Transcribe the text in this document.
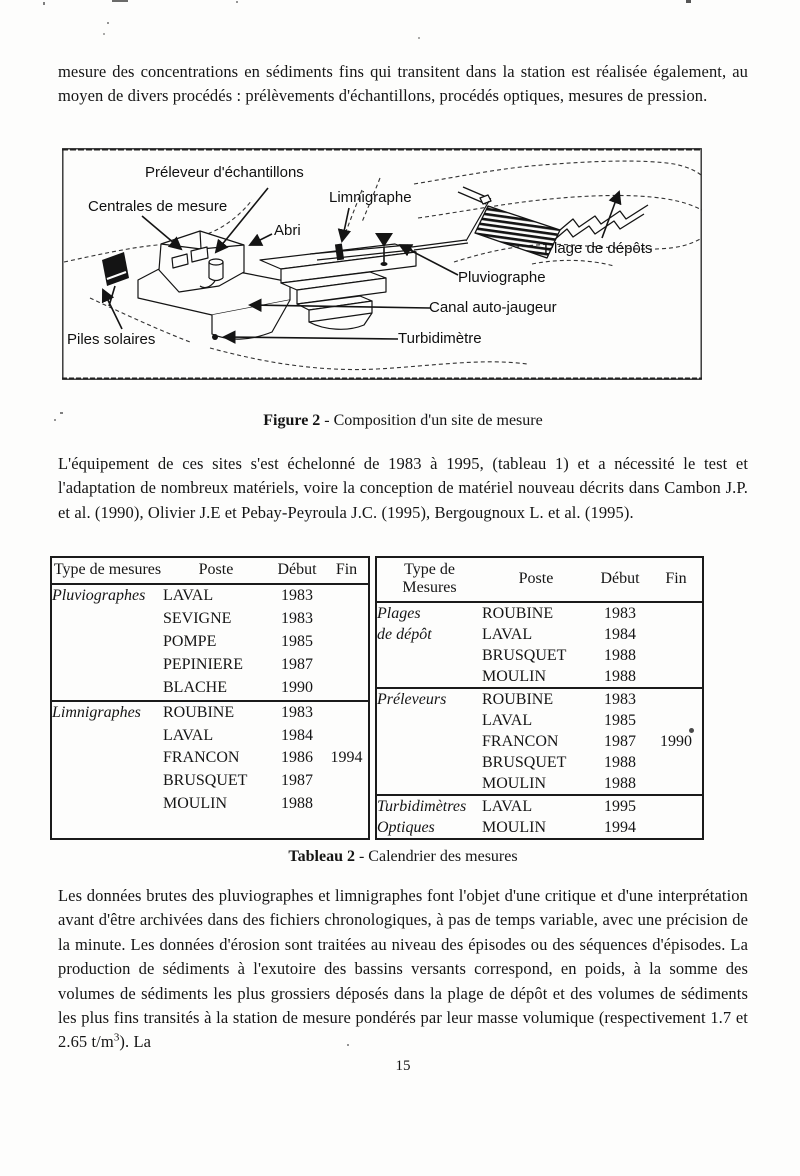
mesure des concentrations en sédiments fins qui transitent dans la station est réalisée également, au moyen de divers procédés : prélèvements d'échantillons, procédés optiques, mesures de pression.

Préleveur d'échantillons
Centrales de mesure
Limnigraphe
Abri
Plage de dépôts
Pluviographe
Canal auto-jaugeur
Turbidimètre
Piles solaires

Figure 2 - Composition d'un site de mesure

L'équipement de ces sites s'est échelonné de 1983 à 1995, (tableau 1) et a nécessité le test et l'adaptation de nombreux matériels, voire la conception de matériel nouveau décrits dans Cambon J.P. et al. (1990), Olivier J.E et Pebay-Peyroula J.C. (1995), Bergougnoux L. et al. (1995).

Type de mesures	Poste	Début	Fin
Pluviographes	LAVAL	1983	
	SEVIGNE	1983	
	POMPE	1985	
	PEPINIERE	1987	
	BLACHE	1990	
Limnigraphes	ROUBINE	1983	
	LAVAL	1984	
	FRANCON	1986	1994
	BRUSQUET	1987	
	MOULIN	1988	

Type de Mesures	Poste	Début	Fin
Plages	ROUBINE	1983	
de dépôt	LAVAL	1984	
	BRUSQUET	1988	
	MOULIN	1988	
Préleveurs	ROUBINE	1983	
	LAVAL	1985	
	FRANCON	1987	1990
	BRUSQUET	1988	
	MOULIN	1988	
Turbidimètres	LAVAL	1995	
Optiques	MOULIN	1994	

Tableau 2 - Calendrier des mesures

Les données brutes des pluviographes et limnigraphes font l'objet d'une critique et d'une interprétation avant d'être archivées dans des fichiers chronologiques, à pas de temps variable, avec une précision de la minute. Les données d'érosion sont traitées au niveau des épisodes ou des séquences d'épisodes. La production de sédiments à l'exutoire des bassins versants correspond, en poids, à la somme des volumes de sédiments les plus grossiers déposés dans la plage de dépôt et des volumes de sédiments les plus fins transités à la station de mesure pondérés par leur masse volumique (respectivement 1.7 et 2.65 $t/m^3$). La

15
